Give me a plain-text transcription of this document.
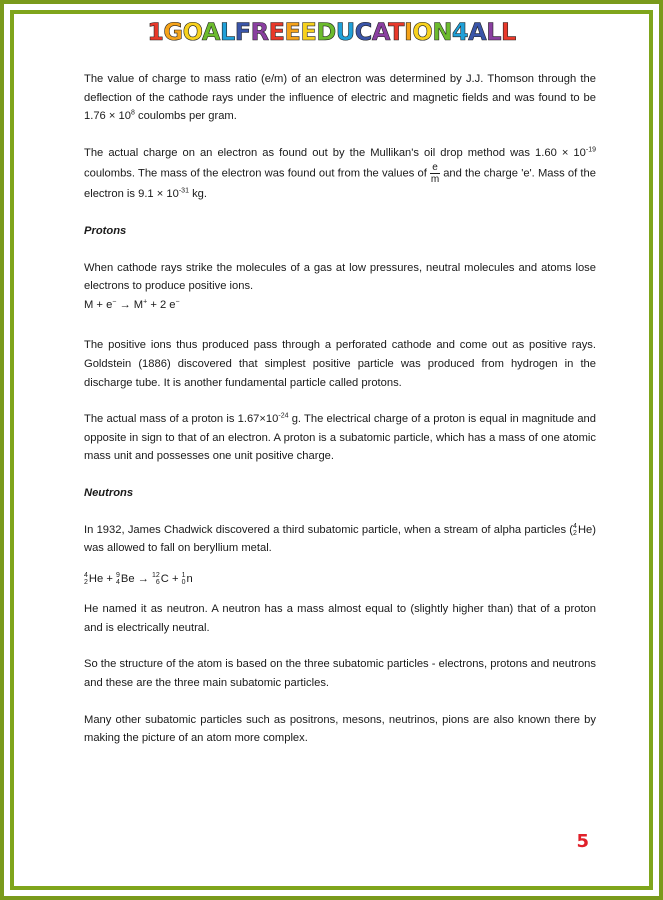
1GOALFREEEDUCATION4ALL

The value of charge to mass ratio (e/m) of an electron was determined by J.J. Thomson through the deflection of the cathode rays under the influence of electric and magnetic fields and was found to be $1.76 \times 10^8$ coulombs per gram.

The actual charge on an electron as found out by the Mullikan's oil drop method was $1.60 \times 10^{-19}$ coulombs. The mass of the electron was found out from the values of $\frac{e}{m}$ and the charge 'e'. Mass of the electron is $9.1 \times 10^{-31}$ kg.

Protons

When cathode rays strike the molecules of a gas at low pressures, neutral molecules and atoms lose electrons to produce positive ions.

M + e− → M+ + 2 e−

The positive ions thus produced pass through a perforated cathode and come out as positive rays. Goldstein (1886) discovered that simplest positive particle was produced from hydrogen in the discharge tube. It is another fundamental particle called protons.

The actual mass of a proton is $1.67\times 10^{-24}$ g. The electrical charge of a proton is equal in magnitude and opposite in sign to that of an electron. A proton is a subatomic particle, which has a mass of one atomic mass unit and possesses one unit positive charge.

Neutrons

In 1932, James Chadwick discovered a third subatomic particle, when a stream of alpha particles ( 4
2 He) was allowed to fall on beryllium metal.

4
2 He + 9
4 Be → 12
6 C + 1
0 n

He named it as neutron. A neutron has a mass almost equal to (slightly higher than) that of a proton and is electrically neutral.

So the structure of the atom is based on the three subatomic particles - electrons, protons and neutrons and these are the three main subatomic particles.

Many other subatomic particles such as positrons, mesons, neutrinos, pions are also known there by making the picture of an atom more complex.

5
